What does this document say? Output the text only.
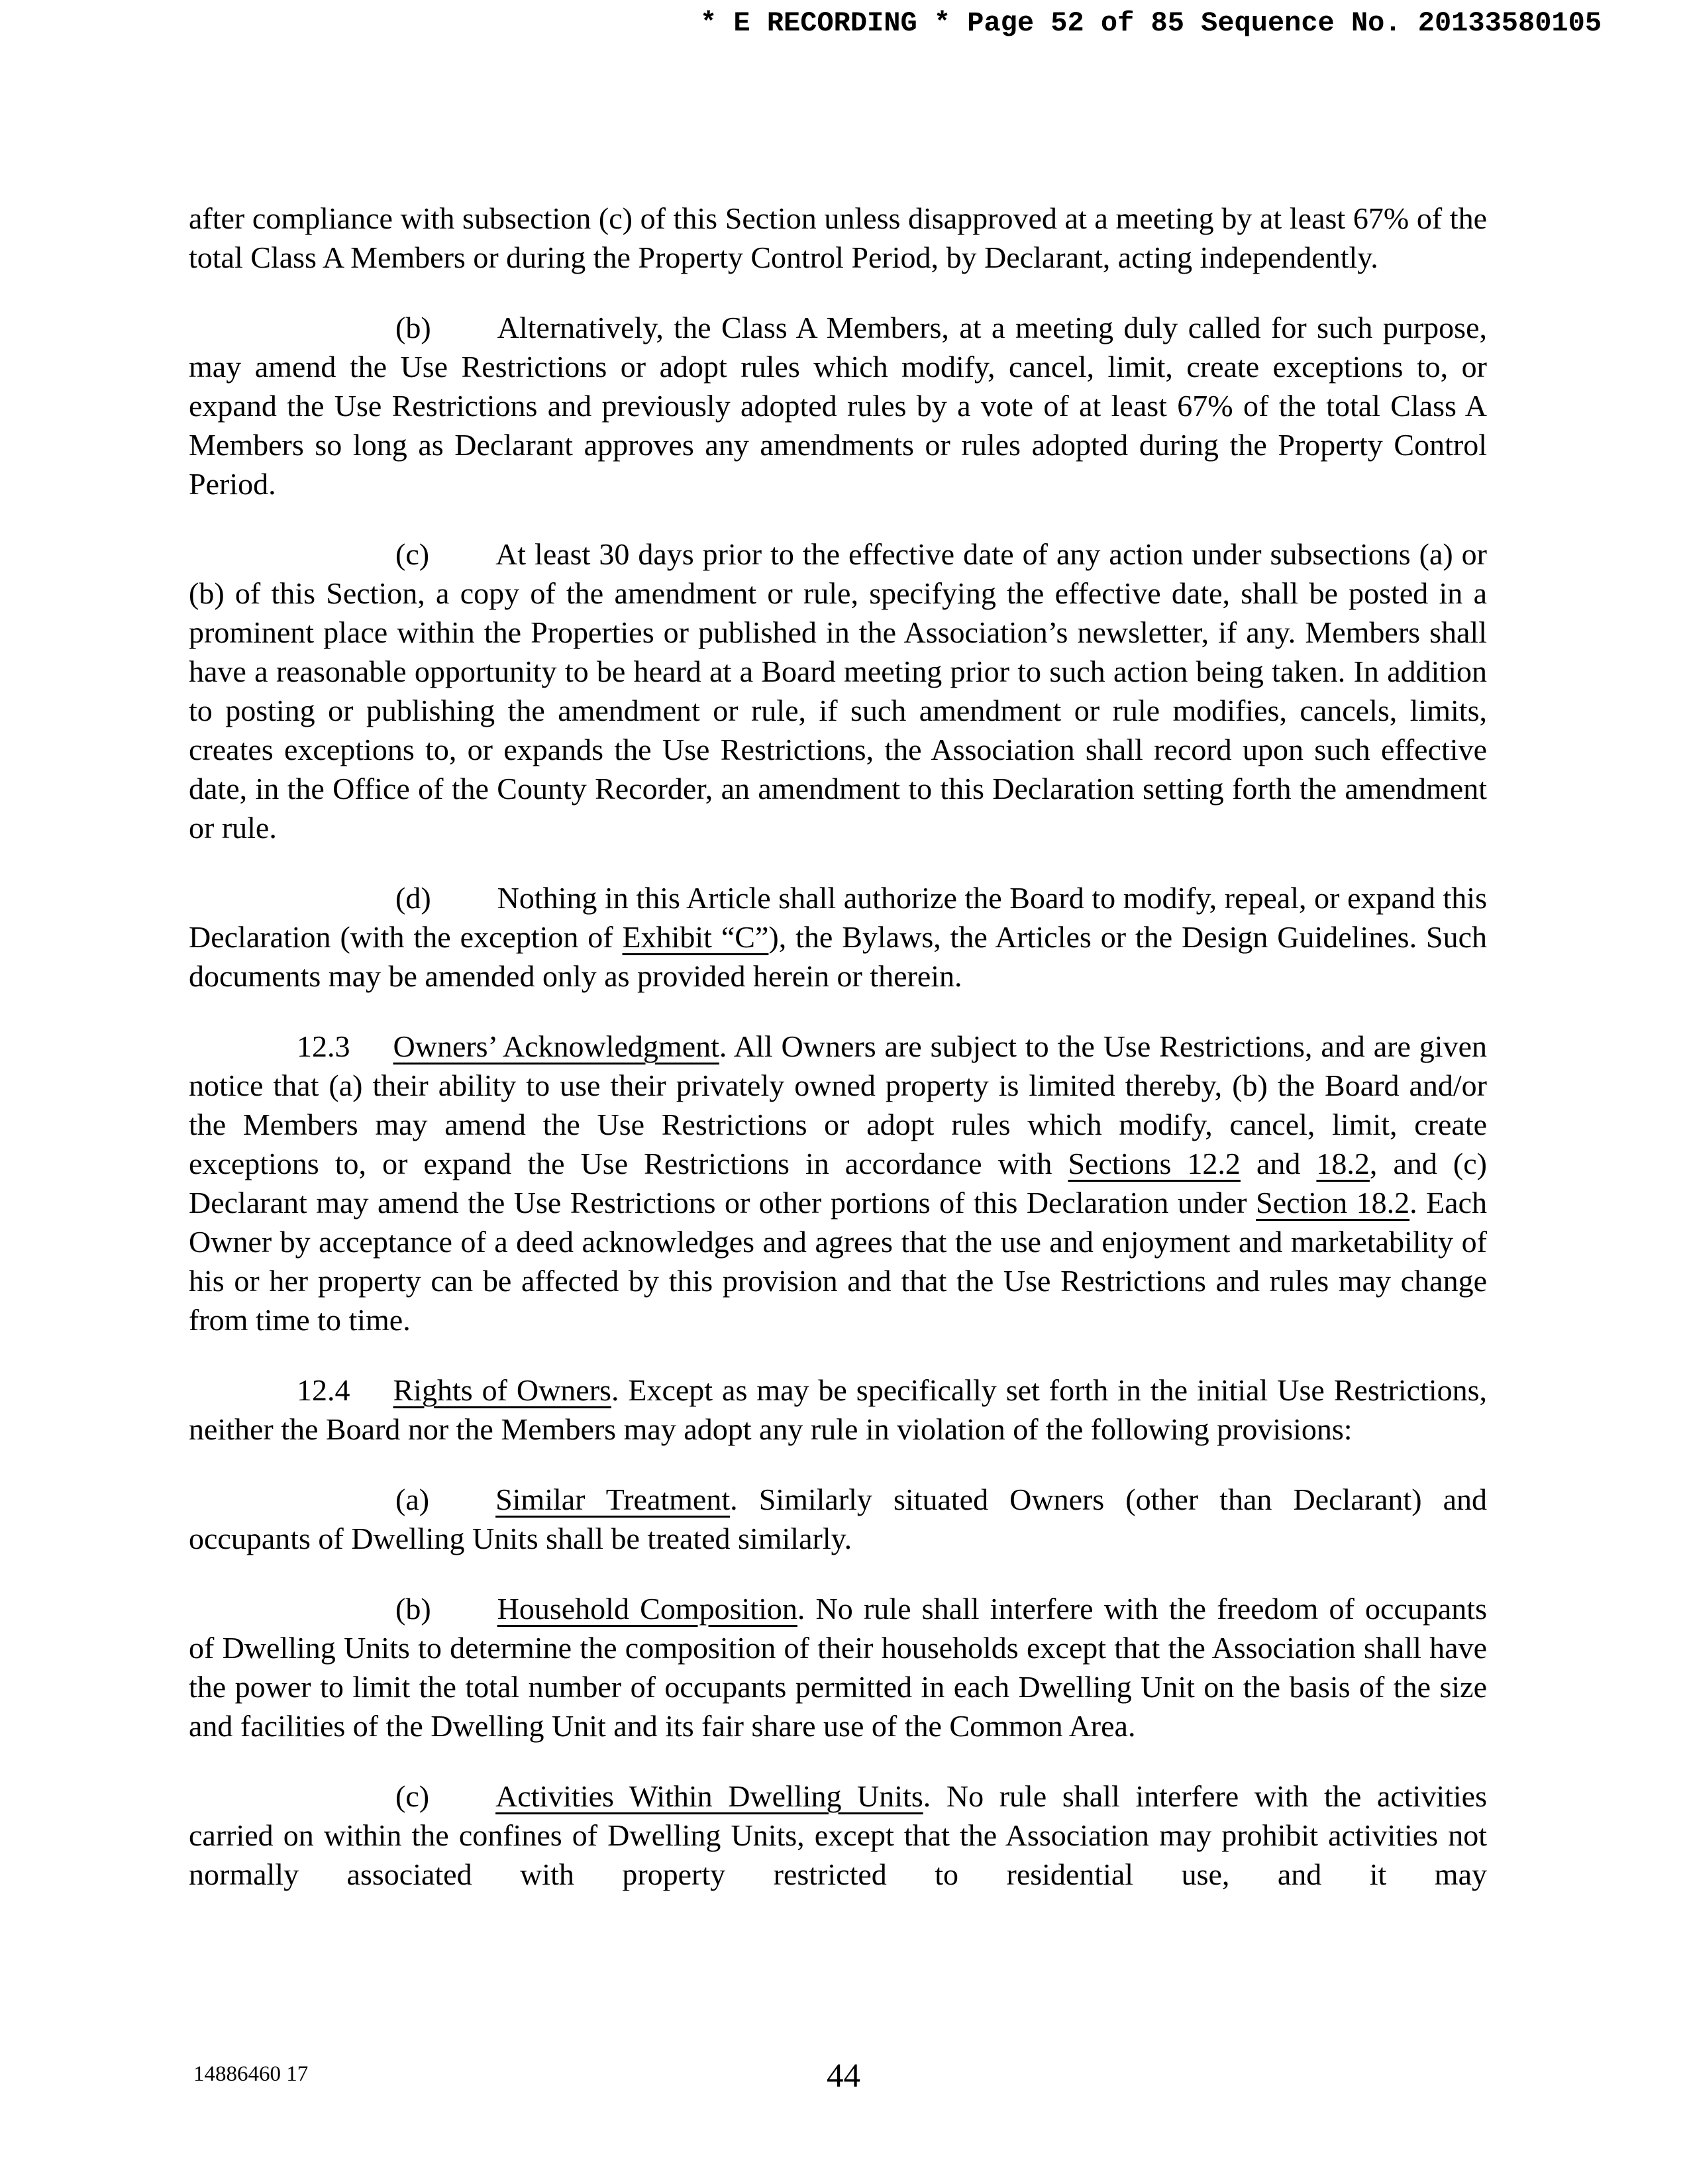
* E RECORDING * Page 52 of 85 Sequence No. 20133580105

after compliance with subsection (c) of this Section unless disapproved at a meeting by at least 67% of the total Class A Members or during the Property Control Period, by Declarant, acting independently.

(b) Alternatively, the Class A Members, at a meeting duly called for such purpose, may amend the Use Restrictions or adopt rules which modify, cancel, limit, create exceptions to, or expand the Use Restrictions and previously adopted rules by a vote of at least 67% of the total Class A Members so long as Declarant approves any amendments or rules adopted during the Property Control Period.

(c) At least 30 days prior to the effective date of any action under subsections (a) or (b) of this Section, a copy of the amendment or rule, specifying the effective date, shall be posted in a prominent place within the Properties or published in the Association’s newsletter, if any. Members shall have a reasonable opportunity to be heard at a Board meeting prior to such action being taken. In addition to posting or publishing the amendment or rule, if such amendment or rule modifies, cancels, limits, creates exceptions to, or expands the Use Restrictions, the Association shall record upon such effective date, in the Office of the County Recorder, an amendment to this Declaration setting forth the amendment or rule.

(d) Nothing in this Article shall authorize the Board to modify, repeal, or expand this Declaration (with the exception of Exhibit “C”), the Bylaws, the Articles or the Design Guidelines. Such documents may be amended only as provided herein or therein.

12.3 Owners’ Acknowledgment. All Owners are subject to the Use Restrictions, and are given notice that (a) their ability to use their privately owned property is limited thereby, (b) the Board and/or the Members may amend the Use Restrictions or adopt rules which modify, cancel, limit, create exceptions to, or expand the Use Restrictions in accordance with Sections 12.2 and 18.2, and (c) Declarant may amend the Use Restrictions or other portions of this Declaration under Section 18.2. Each Owner by acceptance of a deed acknowledges and agrees that the use and enjoyment and marketability of his or her property can be affected by this provision and that the Use Restrictions and rules may change from time to time.

12.4 Rights of Owners. Except as may be specifically set forth in the initial Use Restrictions, neither the Board nor the Members may adopt any rule in violation of the following provisions:

(a) Similar Treatment. Similarly situated Owners (other than Declarant) and occupants of Dwelling Units shall be treated similarly.

(b) Household Composition. No rule shall interfere with the freedom of occupants of Dwelling Units to determine the composition of their households except that the Association shall have the power to limit the total number of occupants permitted in each Dwelling Unit on the basis of the size and facilities of the Dwelling Unit and its fair share use of the Common Area.

(c) Activities Within Dwelling Units. No rule shall interfere with the activities carried on within the confines of Dwelling Units, except that the Association may prohibit activities not normally associated with property restricted to residential use, and it may

14886460 17	44
